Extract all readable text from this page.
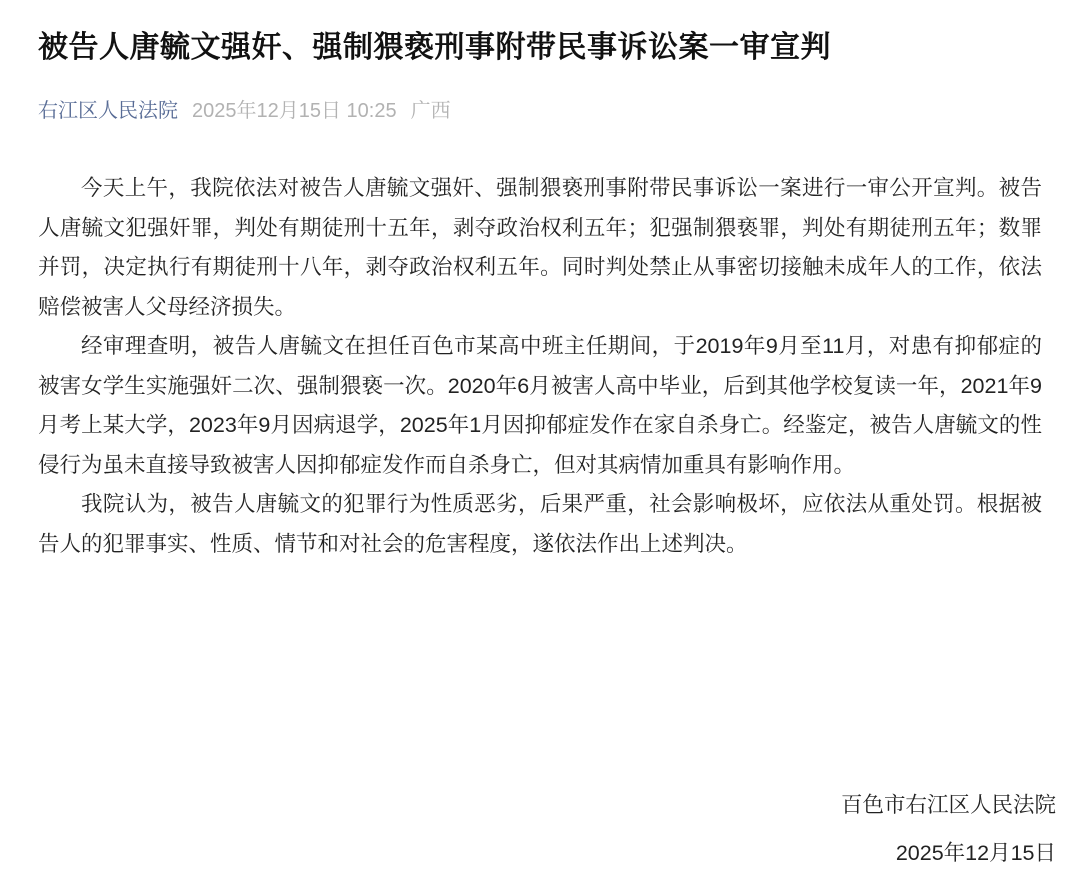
被告人唐毓文强奸、强制猥亵刑事附带民事诉讼案一审宣判
右江区人民法院 2025年12月15日 10:25 广西

今天上午，我院依法对被告人唐毓文强奸、强制猥亵刑事附带民事诉讼一案进行一审公开宣判。被告人唐毓文犯强奸罪，判处有期徒刑十五年，剥夺政治权利五年；犯强制猥亵罪，判处有期徒刑五年；数罪并罚，决定执行有期徒刑十八年，剥夺政治权利五年。同时判处禁止从事密切接触未成年人的工作，依法赔偿被害人父母经济损失。

经审理查明，被告人唐毓文在担任百色市某高中班主任期间，于2019年9月至11月，对患有抑郁症的被害女学生实施强奸二次、强制猥亵一次。2020年6月被害人高中毕业，后到其他学校复读一年，2021年9月考上某大学，2023年9月因病退学，2025年1月因抑郁症发作在家自杀身亡。经鉴定，被告人唐毓文的性侵行为虽未直接导致被害人因抑郁症发作而自杀身亡，但对其病情加重具有影响作用。

我院认为，被告人唐毓文的犯罪行为性质恶劣，后果严重，社会影响极坏，应依法从重处罚。根据被告人的犯罪事实、性质、情节和对社会的危害程度，遂依法作出上述判决。

百色市右江区人民法院
2025年12月15日
